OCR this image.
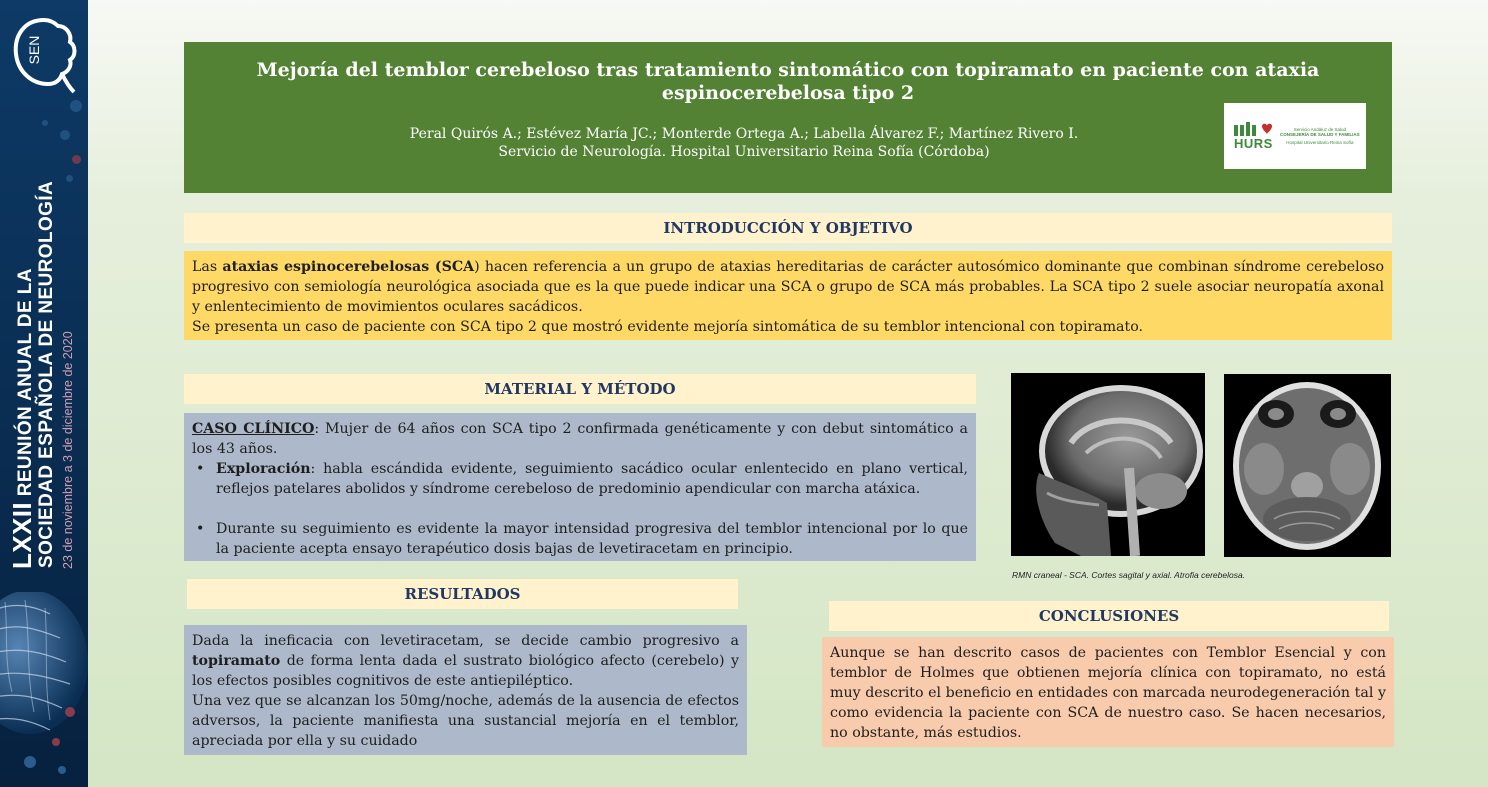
SEN
LXXII REUNIÓN ANUAL DE LA SOCIEDAD ESPAÑOLA DE NEUROLOGÍA 23 de noviembre a 3 de diciembre de 2020
Mejoría del temblor cerebeloso tras tratamiento sintomático con topiramato en paciente con ataxia espinocerebelosa tipo 2
Peral Quirós A.; Estévez María JC.; Monterde Ortega A.; Labella Álvarez F.; Martínez Rivero I.
Servicio de Neurología. Hospital Universitario Reina Sofía (Córdoba)
HURS
Servicio Andaluz de Salud
CONSEJERÍA DE SALUD Y FAMILIAS
Hospital Universitario Reina Sofía
INTRODUCCIÓN Y OBJETIVO
Las ataxias espinocerebelosas (SCA) hacen referencia a un grupo de ataxias hereditarias de carácter autosómico dominante que combinan síndrome cerebeloso progresivo con semiología neurológica asociada que es la que puede indicar una SCA o grupo de SCA más probables. La SCA tipo 2 suele asociar neuropatía axonal y enlentecimiento de movimientos oculares sacádicos.
Se presenta un caso de paciente con SCA tipo 2 que mostró evidente mejoría sintomática de su temblor intencional con topiramato.
MATERIAL Y MÉTODO
CASO CLÍNICO: Mujer de 64 años con SCA tipo 2 confirmada genéticamente y con debut sintomático a los 43 años.
• Exploración: habla escándida evidente, seguimiento sacádico ocular enlentecido en plano vertical, reflejos patelares abolidos y síndrome cerebeloso de predominio apendicular con marcha atáxica.
• Durante su seguimiento es evidente la mayor intensidad progresiva del temblor intencional por lo que la paciente acepta ensayo terapéutico dosis bajas de levetiracetam en principio.
RMN craneal - SCA. Cortes sagital y axial. Atrofia cerebelosa.
RESULTADOS
Dada la ineficacia con levetiracetam, se decide cambio progresivo a topiramato de forma lenta dada el sustrato biológico afecto (cerebelo) y los efectos posibles cognitivos de este antiepiléptico.
Una vez que se alcanzan los 50mg/noche, además de la ausencia de efectos adversos, la paciente manifiesta una sustancial mejoría en el temblor, apreciada por ella y su cuidado
CONCLUSIONES
Aunque se han descrito casos de pacientes con Temblor Esencial y con temblor de Holmes que obtienen mejoría clínica con topiramato, no está muy descrito el beneficio en entidades con marcada neurodegeneración tal y como evidencia la paciente con SCA de nuestro caso. Se hacen necesarios, no obstante, más estudios.
